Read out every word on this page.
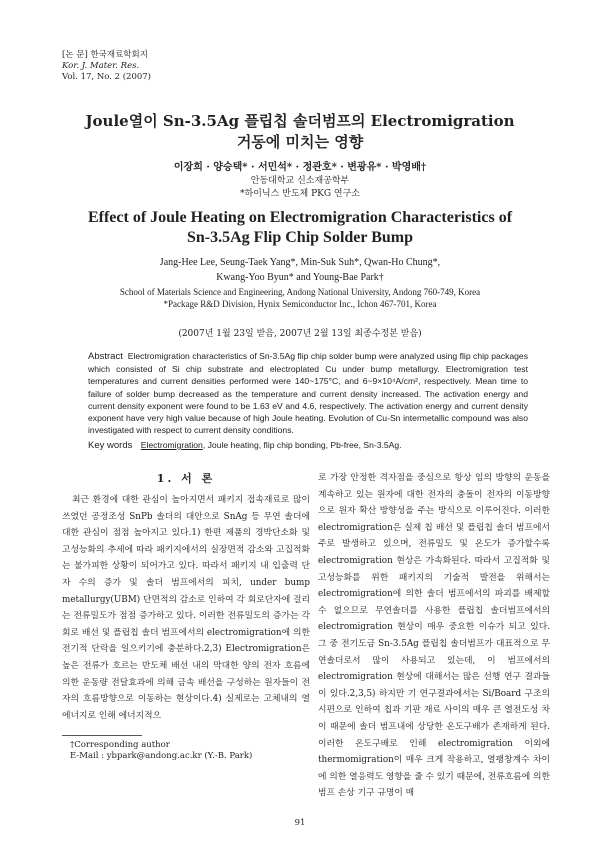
[논 문] 한국재료학회지
Kor. J. Mater. Res.
Vol. 17, No. 2 (2007)
Joule열이 Sn-3.5Ag 플립칩 솔더범프의 Electromigration
거동에 미치는 영향
이장희 · 양승택* · 서민석* · 정관호* · 변광유* · 박영배†
안동대학교 신소재공학부
*하이닉스 반도체 PKG 연구소
Effect of Joule Heating on Electromigration Characteristics of
Sn-3.5Ag Flip Chip Solder Bump
Jang-Hee Lee, Seung-Taek Yang*, Min-Suk Suh*, Qwan-Ho Chung*,
Kwang-Yoo Byun* and Young-Bae Park†
School of Materials Science and Engineering, Andong National University, Andong 760-749, Korea
*Package R&D Division, Hynix Semiconductor Inc., Ichon 467-701, Korea
(2007년 1월 23일 받음, 2007년 2월 13일 최종수정본 받음)
Abstract Electromigration characteristics of Sn-3.5Ag flip chip solder bump were analyzed using flip chip packages which consisted of Si chip substrate and electroplated Cu under bump metallurgy. Electromigration test temperatures and current densities performed were 140~175°C, and 6~9×10⁴A/cm², respectively. Mean time to failure of solder bump decreased as the temperature and current density increased. The activation energy and current density exponent were found to be 1.63 eV and 4.6, respectively. The activation energy and current density exponent have very high value because of high Joule heating. Evolution of Cu-Sn intermetallic compound was also investigated with respect to current density conditions.
Key words Electromigration, Joule heating, flip chip bonding, Pb-free, Sn-3.5Ag.
1. 서 론

최근 환경에 대한 관심이 높아지면서 패키지 접속재료로 많이 쓰였던 공정조성 SnPb 솔더의 대안으로 SnAg 등 무연 솔더에 대한 관심이 점점 높아지고 있다.1) 한편 제품의 경박단소화 및 고성능화의 추세에 따라 패키지에서의 실장면적 감소와 고집적화는 불가피한 상황이 되어가고 있다. 따라서 패키지 내 입출력 단자 수의 증가 및 솔더 범프에서의 피치, under bump metallurgy(UBM) 단면적의 감소로 인하여 각 회로단자에 걸리는 전류밀도가 점점 증가하고 있다. 이러한 전류밀도의 증가는 각 회로 배선 및 플립칩 솔더 범프에서의 electromigration에 의한 전기적 단락을 일으키기에 충분하다.2,3) Electromigration은 높은 전류가 흐르는 반도체 배선 내의 막대한 양의 전자 흐름에 의한 운동량 전달효과에 의해 금속 배선을 구성하는 원자들이 전자의 흐름방향으로 이동하는 현상이다.4) 실제로는 고체내의 열에너지로 인해 에너지적으

로 가장 안정한 격자점을 중심으로 항상 임의 방향의 운동을 계속하고 있는 원자에 대한 전자의 충돌이 전자의 이동방향으로 원자 확산 방향성을 주는 방식으로 이루어진다. 이러한 electromigration은 실제 칩 배선 및 플립칩 솔더 범프에서 주로 발생하고 있으며, 전류밀도 및 온도가 증가할수록 electromigration 현상은 가속화된다. 따라서 고집적화 및 고성능화를 위한 패키지의 기술적 발전을 위해서는 electromigration에 의한 솔더 범프에서의 파괴를 배제할 수 없으므로 무연솔더를 사용한 플립칩 솔더범프에서의 electromigration 현상이 매우 중요한 이슈가 되고 있다. 그 중 전기도금 Sn-3.5Ag 플립칩 솔더범프가 대표적으로 무연솔더로서 많이 사용되고 있는데, 이 범프에서의 electromigration 현상에 대해서는 많은 선행 연구 결과들이 있다.2,3,5) 하지만 기 연구결과에서는 Si/Board 구조의 시편으로 인하여 칩과 기판 재료 사이의 매우 큰 열전도성 차이 때문에 솔더 범프내에 상당한 온도구배가 존재하게 된다. 이러한 온도구배로 인해 electromigration 이외에 thermomigration이 매우 크게 작용하고, 열팽창계수 차이에 의한 열응력도 영향을 줄 수 있기 때문에, 전류흐름에 의한 범프 손상 기구 규명이 매

†Corresponding author
E-Mail : ybpark@andong.ac.kr (Y.-B. Park)
91
